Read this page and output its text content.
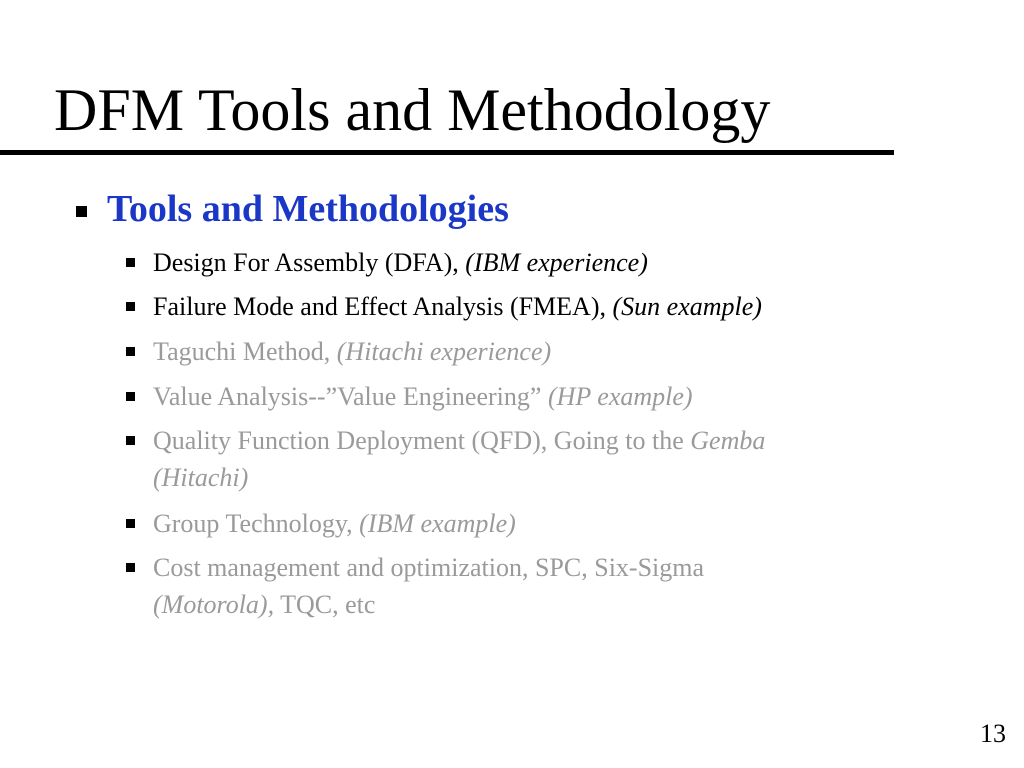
DFM Tools and Methodology
Tools and Methodologies
Design For Assembly (DFA), (IBM experience)
Failure Mode and Effect Analysis (FMEA), (Sun example)
Taguchi Method, (Hitachi experience)
Value Analysis--”Value Engineering” (HP example)
Quality Function Deployment (QFD), Going to the Gemba
(Hitachi)
Group Technology, (IBM example)
Cost management and optimization, SPC, Six-Sigma
(Motorola), TQC, etc
13
